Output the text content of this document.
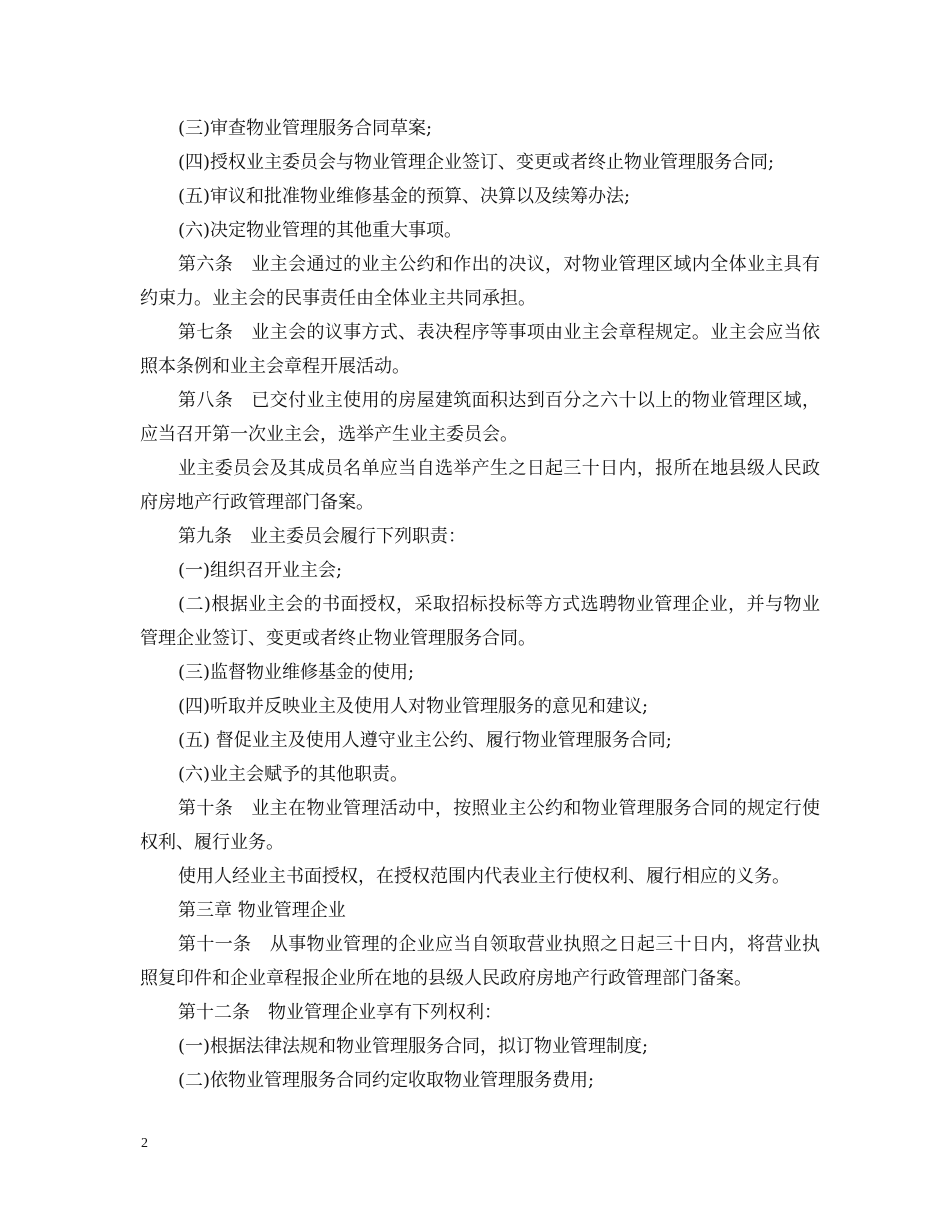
(三)审查物业管理服务合同草案;

(四)授权业主委员会与物业管理企业签订、变更或者终止物业管理服务合同;

(五)审议和批准物业维修基金的预算、决算以及续筹办法;

(六)决定物业管理的其他重大事项。

第六条　业主会通过的业主公约和作出的决议，对物业管理区域内全体业主具有约束力。业主会的民事责任由全体业主共同承担。

第七条　业主会的议事方式、表决程序等事项由业主会章程规定。业主会应当依照本条例和业主会章程开展活动。

第八条　已交付业主使用的房屋建筑面积达到百分之六十以上的物业管理区域，应当召开第一次业主会，选举产生业主委员会。

业主委员会及其成员名单应当自选举产生之日起三十日内，报所在地县级人民政府房地产行政管理部门备案。

第九条　业主委员会履行下列职责：

(一)组织召开业主会;

(二)根据业主会的书面授权，采取招标投标等方式选聘物业管理企业，并与物业管理企业签订、变更或者终止物业管理服务合同。

(三)监督物业维修基金的使用;

(四)听取并反映业主及使用人对物业管理服务的意见和建议;

(五) 督促业主及使用人遵守业主公约、履行物业管理服务合同;

(六)业主会赋予的其他职责。

第十条　业主在物业管理活动中，按照业主公约和物业管理服务合同的规定行使权利、履行业务。

使用人经业主书面授权，在授权范围内代表业主行使权利、履行相应的义务。

第三章 物业管理企业

第十一条　从事物业管理的企业应当自领取营业执照之日起三十日内，将营业执照复印件和企业章程报企业所在地的县级人民政府房地产行政管理部门备案。

第十二条　物业管理企业享有下列权利：

(一)根据法律法规和物业管理服务合同，拟订物业管理制度;

(二)依物业管理服务合同约定收取物业管理服务费用;

2
